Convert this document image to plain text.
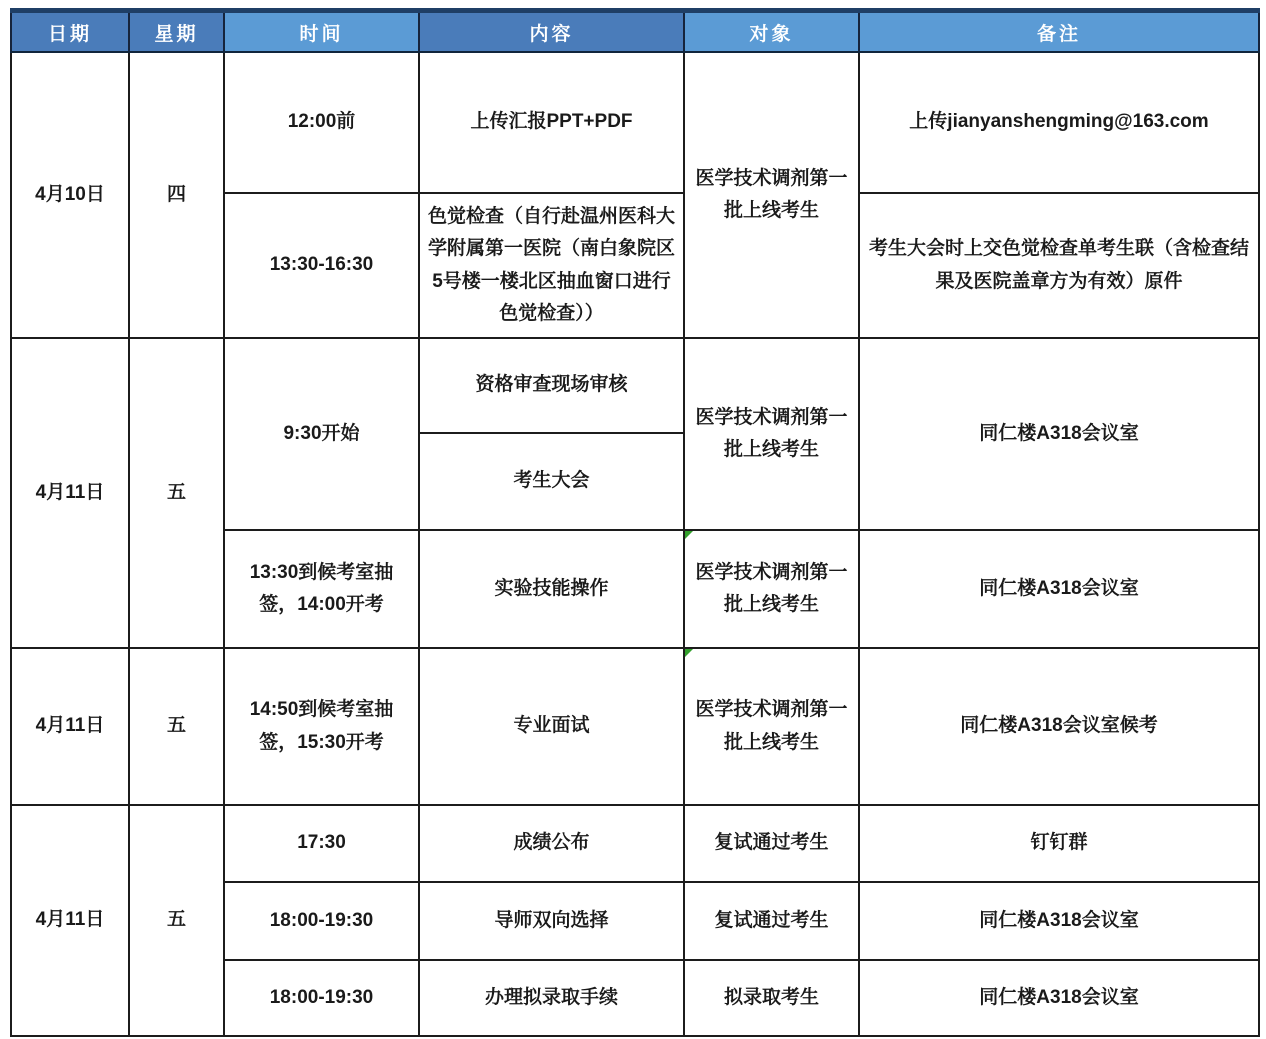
日期	星期	时间	内容	对象	备注
4月10日	四	12:00前	上传汇报PPT+PDF	医学技术调剂第一批上线考生	上传jianyanshengming@163.com
		13:30-16:30	色觉检查（自行赴温州医科大学附属第一医院（南白象院区5号楼一楼北区抽血窗口进行色觉检查））		考生大会时上交色觉检查单考生联（含检查结果及医院盖章方为有效）原件
4月11日	五	9:30开始	资格审查现场审核	医学技术调剂第一批上线考生	同仁楼A318会议室
			考生大会		
		13:30到候考室抽签，14:00开考	实验技能操作	医学技术调剂第一批上线考生	同仁楼A318会议室
4月11日	五	14:50到候考室抽签，15:30开考	专业面试	医学技术调剂第一批上线考生	同仁楼A318会议室候考
4月11日	五	17:30	成绩公布	复试通过考生	钉钉群
		18:00-19:30	导师双向选择	复试通过考生	同仁楼A318会议室
		18:00-19:30	办理拟录取手续	拟录取考生	同仁楼A318会议室
